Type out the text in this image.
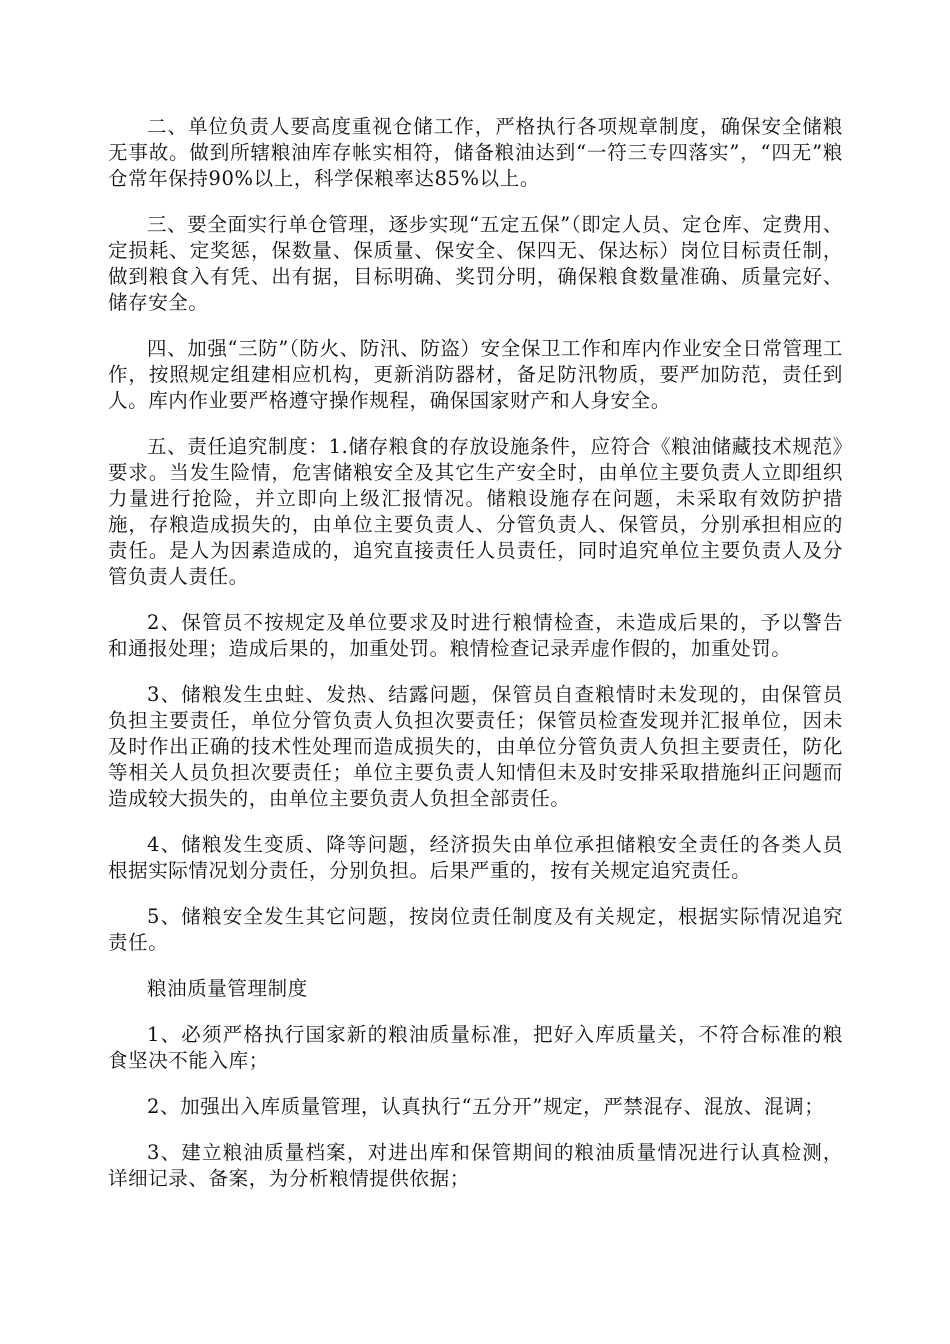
二、单位负责人要高度重视仓储工作，严格执行各项规章制度，确保安全储粮无事故。做到所辖粮油库存帐实相符，储备粮油达到“一符三专四落实”，“四无”粮仓常年保持90%以上，科学保粮率达85%以上。

三、要全面实行单仓管理，逐步实现“五定五保”（即定人员、定仓库、定费用、定损耗、定奖惩，保数量、保质量、保安全、保四无、保达标）岗位目标责任制，做到粮食入有凭、出有据，目标明确、奖罚分明，确保粮食数量准确、质量完好、储存安全。

四、加强“三防”（防火、防汛、防盗）安全保卫工作和库内作业安全日常管理工作，按照规定组建相应机构，更新消防器材，备足防汛物质，要严加防范，责任到人。库内作业要严格遵守操作规程，确保国家财产和人身安全。

五、责任追究制度：1.储存粮食的存放设施条件，应符合《粮油储藏技术规范》要求。当发生险情，危害储粮安全及其它生产安全时，由单位主要负责人立即组织力量进行抢险，并立即向上级汇报情况。储粮设施存在问题，未采取有效防护措施，存粮造成损失的，由单位主要负责人、分管负责人、保管员，分别承担相应的责任。是人为因素造成的，追究直接责任人员责任，同时追究单位主要负责人及分管负责人责任。

2、保管员不按规定及单位要求及时进行粮情检查，未造成后果的，予以警告和通报处理；造成后果的，加重处罚。粮情检查记录弄虚作假的，加重处罚。

3、储粮发生虫蛀、发热、结露问题，保管员自查粮情时未发现的，由保管员负担主要责任，单位分管负责人负担次要责任；保管员检查发现并汇报单位，因未及时作出正确的技术性处理而造成损失的，由单位分管负责人负担主要责任，防化等相关人员负担次要责任；单位主要负责人知情但未及时安排采取措施纠正问题而造成较大损失的，由单位主要负责人负担全部责任。

4、储粮发生变质、降等问题，经济损失由单位承担储粮安全责任的各类人员根据实际情况划分责任，分别负担。后果严重的，按有关规定追究责任。

5、储粮安全发生其它问题，按岗位责任制度及有关规定，根据实际情况追究责任。

粮油质量管理制度

1、必须严格执行国家新的粮油质量标准，把好入库质量关，不符合标准的粮食坚决不能入库；

2、加强出入库质量管理，认真执行“五分开”规定，严禁混存、混放、混调；

3、建立粮油质量档案，对进出库和保管期间的粮油质量情况进行认真检测，详细记录、备案，为分析粮情提供依据；
